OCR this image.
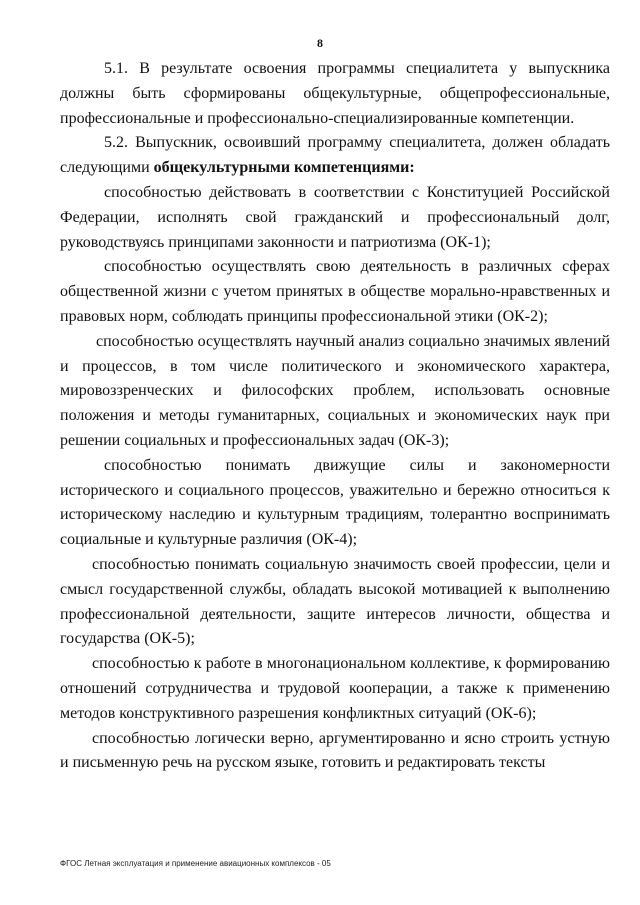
8

5.1. В результате освоения программы специалитета у выпускника должны быть сформированы общекультурные, общепрофессиональные, профессиональные и профессионально-специализированные компетенции.

5.2. Выпускник, освоивший программу специалитета, должен обладать следующими общекультурными компетенциями:

способностью действовать в соответствии с Конституцией Российской Федерации, исполнять свой гражданский и профессиональный долг, руководствуясь принципами законности и патриотизма (ОК-1);

способностью осуществлять свою деятельность в различных сферах общественной жизни с учетом принятых в обществе морально-нравственных и правовых норм, соблюдать принципы профессиональной этики (ОК-2);

способностью осуществлять научный анализ социально значимых явлений и процессов, в том числе политического и экономического характера, мировоззренческих и философских проблем, использовать основные положения и методы гуманитарных, социальных и экономических наук при решении социальных и профессиональных задач (ОК-3);

способностью понимать движущие силы и закономерности исторического и социального процессов, уважительно и бережно относиться к историческому наследию и культурным традициям, толерантно воспринимать социальные и культурные различия (ОК-4);

способностью понимать социальную значимость своей профессии, цели и смысл государственной службы, обладать высокой мотивацией к выполнению профессиональной деятельности, защите интересов личности, общества и государства (ОК-5);

способностью к работе в многонациональном коллективе, к формированию отношений сотрудничества и трудовой кооперации, а также к применению методов конструктивного разрешения конфликтных ситуаций (ОК-6);

способностью логически верно, аргументированно и ясно строить устную и письменную речь на русском языке, готовить и редактировать тексты

ФГОС Летная эксплуатация и применение авиационных комплексов - 05
